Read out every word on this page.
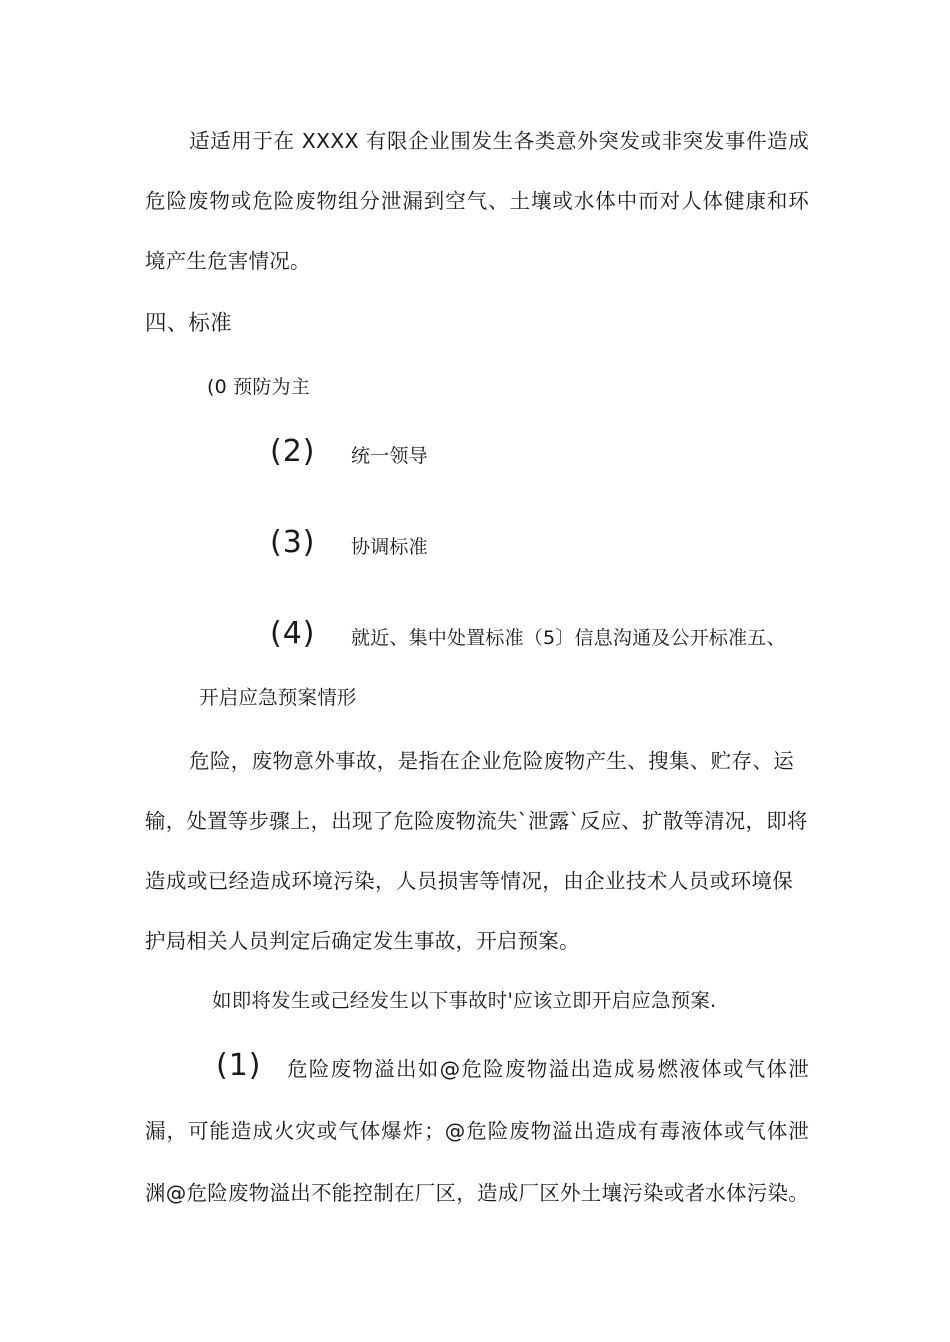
适适用于在 XXXX 有限企业围发生各类意外突发或非突发事件造成
危险废物或危险废物组分泄漏到空气、土壤或水体中而对人体健康和环
境产生危害情况。
四、标准
(0 预防为主
(2) 统一领导
(3) 协调标准
(4) 就近、集中处置标准（5〕信息沟通及公开标准五、
开启应急预案情形
危险，废物意外事故，是指在企业危险废物产生、搜集、贮存、运
输，处置等步骤上，出现了危险废物流失`泄露`反应、扩散等清况，即将
造成或已经造成环境污染，人员损害等情况，由企业技术人员或环境保
护局相关人员判定后确定发生事故，开启预案。
如即将发生或己经发生以下事故时'应该立即开启应急预案.
(1) 危险废物溢出如@危险废物溢出造成易燃液体或气体泄
漏，可能造成火灾或气体爆炸；@危险废物溢出造成有毒液体或气体泄
渊@危险废物溢出不能控制在厂区，造成厂区外土壤污染或者水体污染。
